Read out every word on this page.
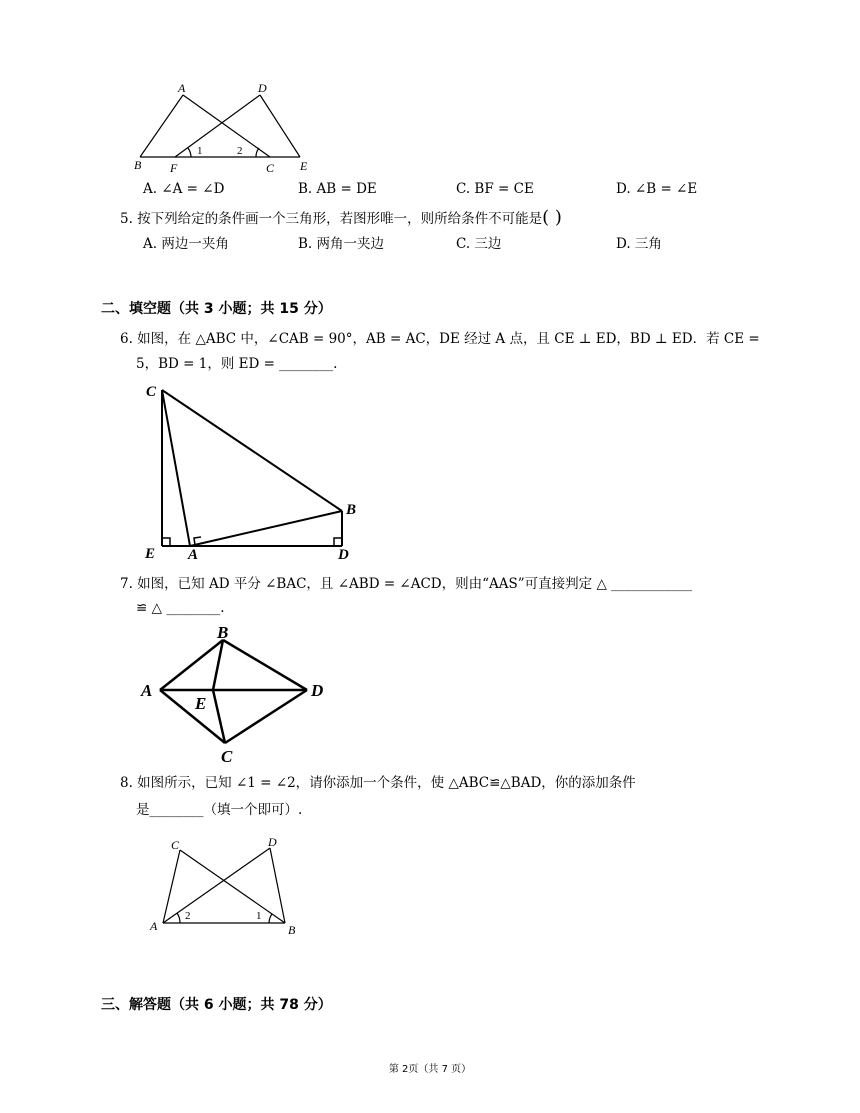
A	D
B F
1	2
C E
A. ∠A = ∠D	B. AB = DE	C. BF = CE	D. ∠B = ∠E
5. 按下列给定的条件画一个三角形，若图形唯一，则所给条件不可能是( )
A. 两边一夹角	B. 两角一夹边	C. 三边	D. 三角
二、填空题（共 3 小题；共 15 分）
6. 如图，在 △ABC 中，∠CAB = 90°，AB = AC，DE 经过 A 点，且 CE ⊥ ED，BD ⊥ ED．若 CE =
5，BD = 1，则 ED = ________.
C
B
E A	D
7. 如图，已知 AD 平分 ∠BAC，且 ∠ABD = ∠ACD，则由“AAS”可直接判定 △ ____________
≌ △ ________.
B
A
E
D
C
8. 如图所示，已知 ∠1 = ∠2，请你添加一个条件，使 △ABC≌△BAD，你的添加条件
是________（填一个即可）.
C	D
A
2	1
B
三、解答题（共 6 小题；共 78 分）
第 2页（共 7 页）
